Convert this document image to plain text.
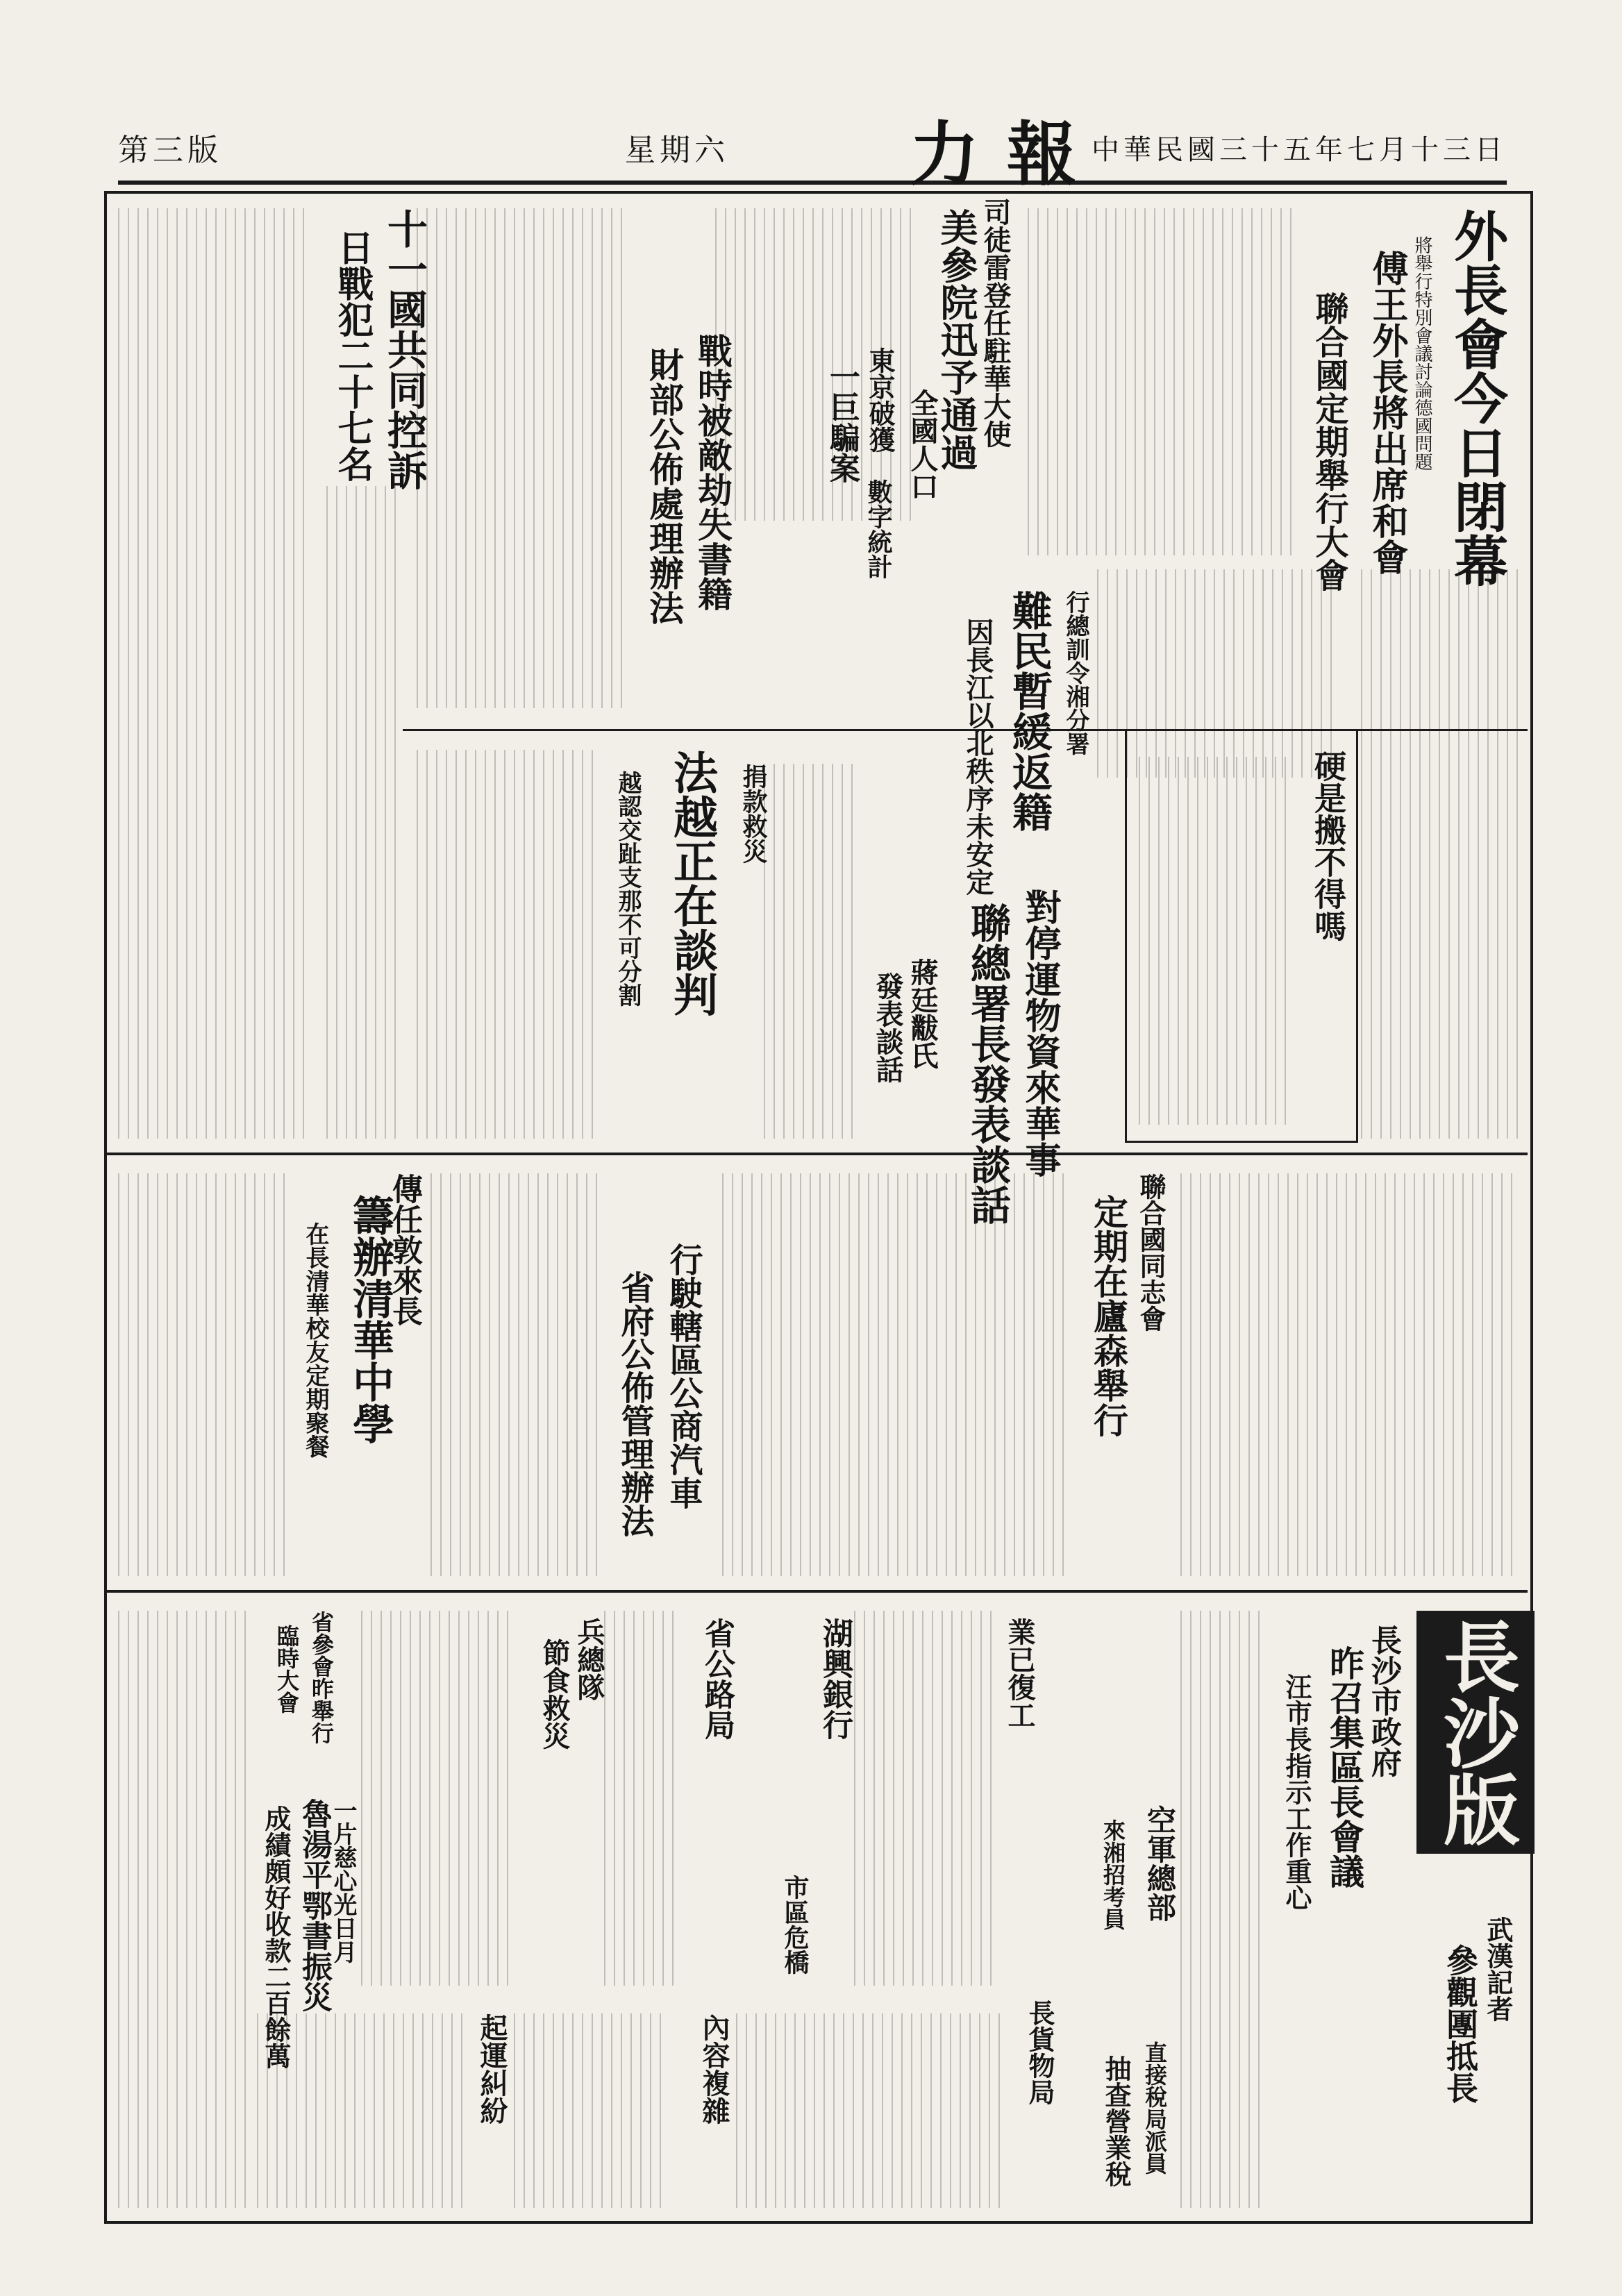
第三版	星期六	力報
中華民國三十五年七月十三日
外長會今日閉幕
傅王外長將出席和會
聯合國定期舉行大會	將舉行特別會議討論德國問題
司徒雷登任駐華大使
美參院迅予通過
東京破獲
一巨騙案 全國人口
數字統計
戰時被敵劫失書籍
財部公佈處理辦法
十一國共同控訴
日戰犯二十七名
難民暫緩返籍
因長江以北秩序未安定	行總訓令湘分署
硬是搬不得嗎
對停運物資來華事
聯總署長發表談話
蔣廷黻氏
發表談話
法越正在談判
越認交趾支那不可分割	捐款救災
聯合國同志會
定期在廬森舉行
行駛轄區公商汽車
省府公佈管理辦法
傳任敦來長
籌辦清華中學
在長清華校友定期聚餐
長沙版
長沙市政府
昨召集區長會議
汪市長指示工作重心
武漢記者
參觀團抵長
空軍總部
來湘招考員
直接稅局派員
抽查營業稅
長貨物局
業已復工
湖興銀行
市區危橋
省公路局
兵總隊
節食救災
魯湯平鄂書振災
成績頗好收款二百餘萬 一片慈心光日月
起運糾紛	內容複雜
省參會昨舉行
臨時大會
